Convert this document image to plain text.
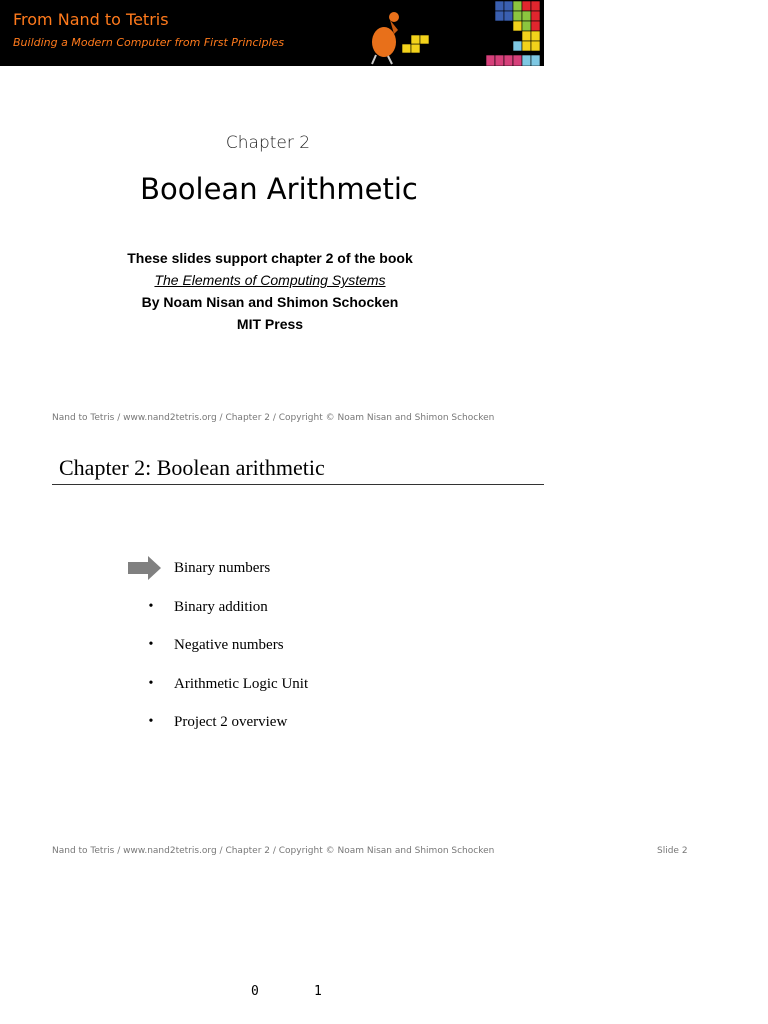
From Nand to Tetris
Building a Modern Computer from First Principles
Chapter 2
Boolean Arithmetic
These slides support chapter 2 of the book
The Elements of Computing Systems
By Noam Nisan and Shimon Schocken
MIT Press
Nand to Tetris / www.nand2tetris.org / Chapter 2 / Copyright © Noam Nisan and Shimon Schocken
Chapter 2: Boolean arithmetic
Binary numbers
•	Binary addition
•	Negative numbers
•	Arithmetic Logic Unit
•	Project 2 overview
Nand to Tetris / www.nand2tetris.org / Chapter 2 / Copyright © Noam Nisan and Shimon Schocken	Slide 2
0	1
